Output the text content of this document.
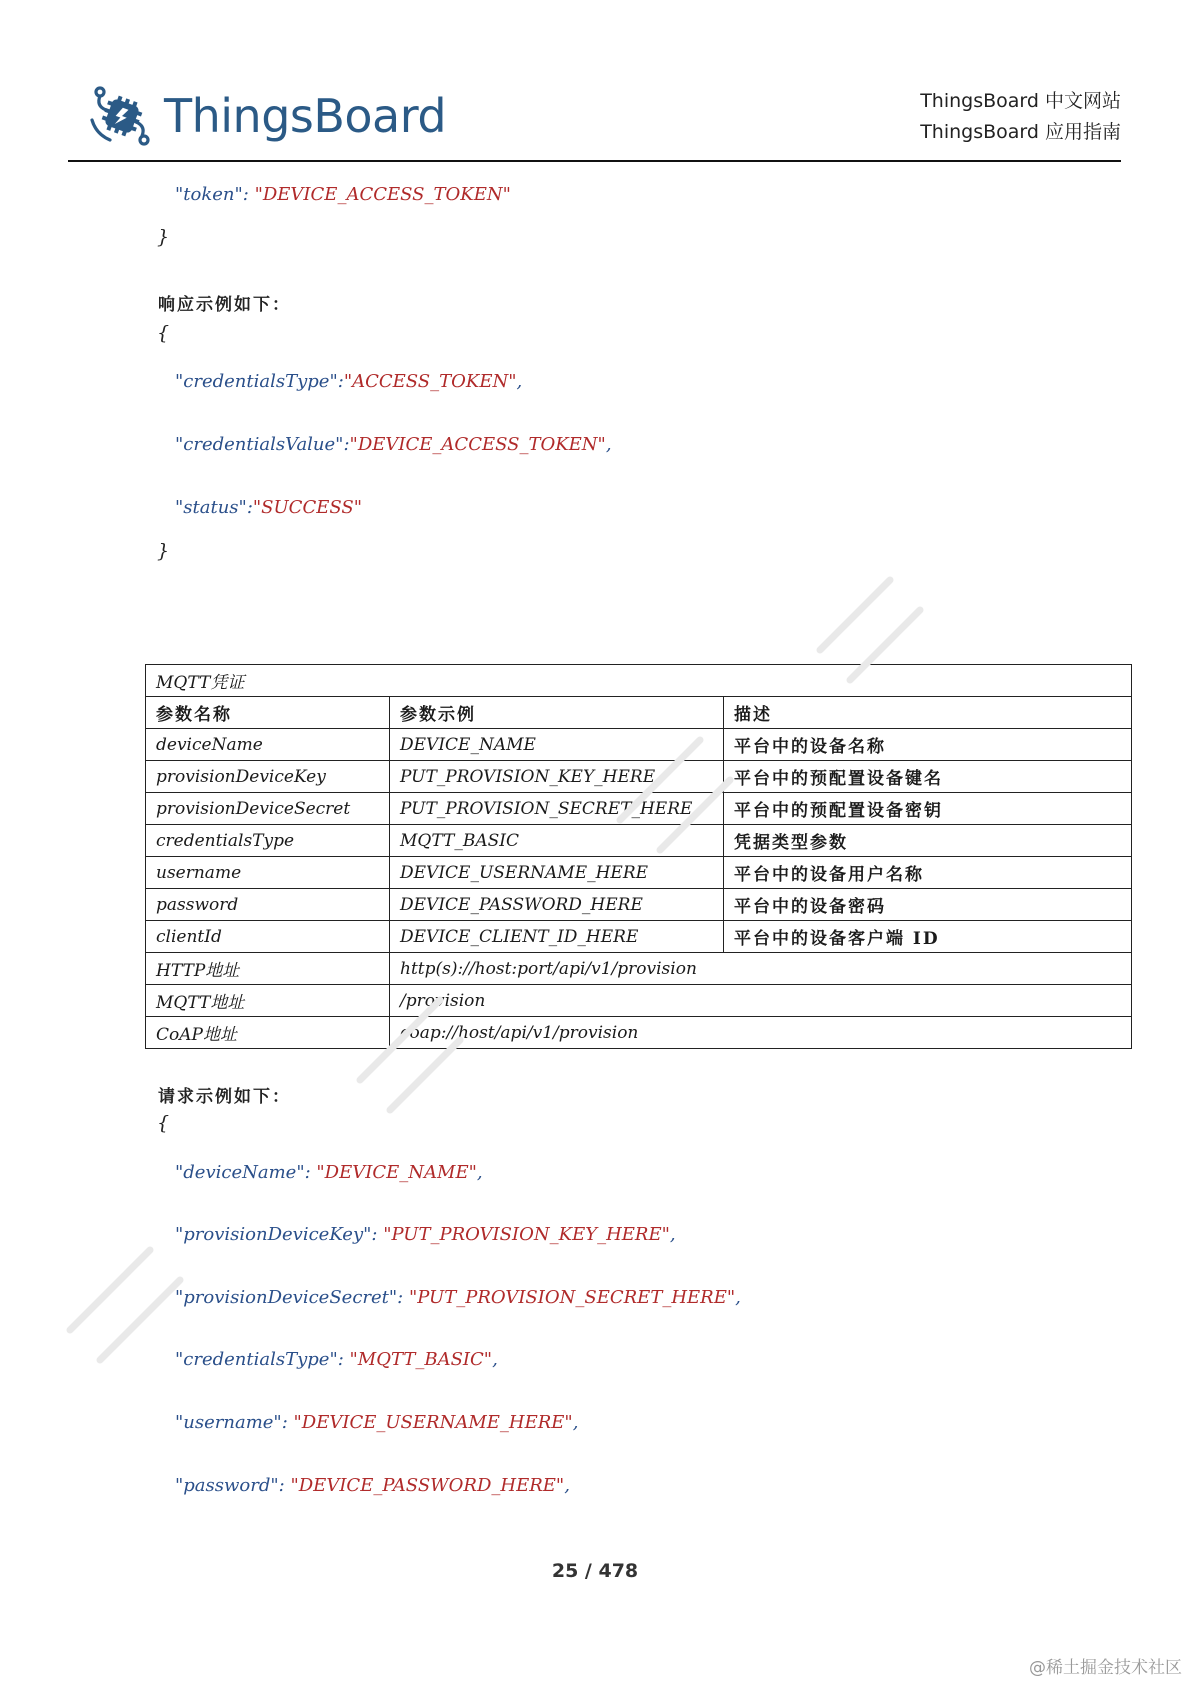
ThingsBoard	ThingsBoard 中文网站
ThingsBoard 应用指南
"token": "DEVICE_ACCESS_TOKEN"
}
响应示例如下：
{
"credentialsType":"ACCESS_TOKEN",
"credentialsValue":"DEVICE_ACCESS_TOKEN",
"status":"SUCCESS"
}
MQTT凭证		
参数名称	参数示例	描述
deviceName	DEVICE_NAME	平台中的设备名称
provisionDeviceKey	PUT_PROVISION_KEY_HERE	平台中的预配置设备键名
provisionDeviceSecret	PUT_PROVISION_SECRET_HERE	平台中的预配置设备密钥
credentialsType	MQTT_BASIC	凭据类型参数
username	DEVICE_USERNAME_HERE	平台中的设备用户名称
password	DEVICE_PASSWORD_HERE	平台中的设备密码
clientId	DEVICE_CLIENT_ID_HERE	平台中的设备客户端 ID
HTTP地址	http(s)://host:port/api/v1/provision	
MQTT地址	/provision	
CoAP地址	coap://host/api/v1/provision	
请求示例如下：
{
"deviceName": "DEVICE_NAME",
"provisionDeviceKey": "PUT_PROVISION_KEY_HERE",
"provisionDeviceSecret": "PUT_PROVISION_SECRET_HERE",
"credentialsType": "MQTT_BASIC",
"username": "DEVICE_USERNAME_HERE",
"password": "DEVICE_PASSWORD_HERE",
25 / 478
@稀土掘金技术社区
